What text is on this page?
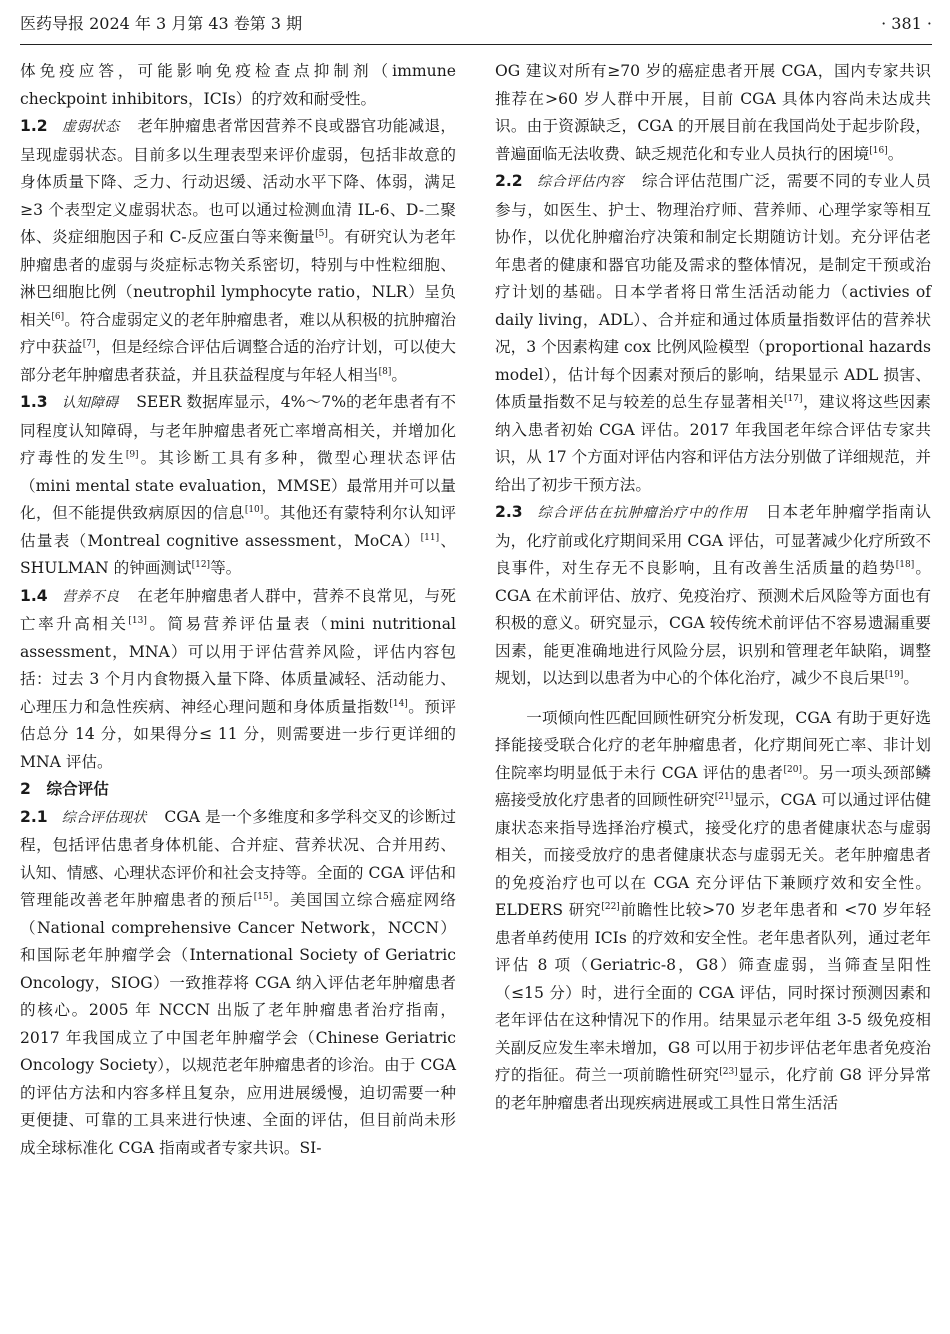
医药导报 2024 年 3 月第 43 卷第 3 期	· 381 ·

体免疫应答，可能影响免疫检查点抑制剂（immune checkpoint inhibitors，ICIs）的疗效和耐受性。

1.2 虚弱状态 老年肿瘤患者常因营养不良或器官功能减退，呈现虚弱状态。目前多以生理表型来评价虚弱，包括非故意的身体质量下降、乏力、行动迟缓、活动水平下降、体弱，满足≥3 个表型定义虚弱状态。也可以通过检测血清 IL-6、D-二聚体、炎症细胞因子和 C-反应蛋白等来衡量[5]。有研究认为老年肿瘤患者的虚弱与炎症标志物关系密切，特别与中性粒细胞、淋巴细胞比例（neutrophil lymphocyte ratio，NLR）呈负相关[6]。符合虚弱定义的老年肿瘤患者，难以从积极的抗肿瘤治疗中获益[7]，但是经综合评估后调整合适的治疗计划，可以使大部分老年肿瘤患者获益，并且获益程度与年轻人相当[8]。

1.3 认知障碍 SEER 数据库显示，4%～7%的老年患者有不同程度认知障碍，与老年肿瘤患者死亡率增高相关，并增加化疗毒性的发生[9]。其诊断工具有多种，微型心理状态评估（mini mental state evaluation，MMSE）最常用并可以量化，但不能提供致病原因的信息[10]。其他还有蒙特利尔认知评估量表（Montreal cognitive assessment，MoCA）[11]、SHULMAN 的钟画测试[12]等。

1.4 营养不良 在老年肿瘤患者人群中，营养不良常见，与死亡率升高相关[13]。简易营养评估量表（mini nutritional assessment，MNA）可以用于评估营养风险，评估内容包括：过去 3 个月内食物摄入量下降、体质量减轻、活动能力、心理压力和急性疾病、神经心理问题和身体质量指数[14]。预评估总分 14 分，如果得分≤ 11 分，则需要进一步行更详细的 MNA 评估。

2　综合评估

2.1 综合评估现状 CGA 是一个多维度和多学科交叉的诊断过程，包括评估患者身体机能、合并症、营养状况、合并用药、认知、情感、心理状态评价和社会支持等。全面的 CGA 评估和管理能改善老年肿瘤患者的预后[15]。美国国立综合癌症网络（National comprehensive Cancer Network，NCCN）和国际老年肿瘤学会（International Society of Geriatric Oncology，SIOG）一致推荐将 CGA 纳入评估老年肿瘤患者的核心。2005 年 NCCN 出版了老年肿瘤患者治疗指南，2017 年我国成立了中国老年肿瘤学会（Chinese Geriatric Oncology Society），以规范老年肿瘤患者的诊治。由于 CGA 的评估方法和内容多样且复杂，应用进展缓慢，迫切需要一种更便捷、可靠的工具来进行快速、全面的评估，但目前尚未形成全球标准化 CGA 指南或者专家共识。SI-

OG 建议对所有≥70 岁的癌症患者开展 CGA，国内专家共识推荐在>60 岁人群中开展，目前 CGA 具体内容尚未达成共识。由于资源缺乏，CGA 的开展目前在我国尚处于起步阶段，普遍面临无法收费、缺乏规范化和专业人员执行的困境[16]。

2.2 综合评估内容 综合评估范围广泛，需要不同的专业人员参与，如医生、护士、物理治疗师、营养师、心理学家等相互协作，以优化肿瘤治疗决策和制定长期随访计划。充分评估老年患者的健康和器官功能及需求的整体情况，是制定干预或治疗计划的基础。日本学者将日常生活活动能力（activies of daily living，ADL）、合并症和通过体质量指数评估的营养状况，3 个因素构建 cox 比例风险模型（proportional hazards model），估计每个因素对预后的影响，结果显示 ADL 损害、体质量指数不足与较差的总生存显著相关[17]，建议将这些因素纳入患者初始 CGA 评估。2017 年我国老年综合评估专家共识，从 17 个方面对评估内容和评估方法分别做了详细规范，并给出了初步干预方法。

2.3 综合评估在抗肿瘤治疗中的作用 日本老年肿瘤学指南认为，化疗前或化疗期间采用 CGA 评估，可显著减少化疗所致不良事件，对生存无不良影响，且有改善生活质量的趋势[18]。CGA 在术前评估、放疗、免疫治疗、预测术后风险等方面也有积极的意义。研究显示，CGA 较传统术前评估不容易遗漏重要因素，能更准确地进行风险分层，识别和管理老年缺陷，调整规划，以达到以患者为中心的个体化治疗，减少不良后果[19]。

一项倾向性匹配回顾性研究分析发现，CGA 有助于更好选择能接受联合化疗的老年肿瘤患者，化疗期间死亡率、非计划住院率均明显低于未行 CGA 评估的患者[20]。另一项头颈部鳞癌接受放化疗患者的回顾性研究[21]显示，CGA 可以通过评估健康状态来指导选择治疗模式，接受化疗的患者健康状态与虚弱相关，而接受放疗的患者健康状态与虚弱无关。老年肿瘤患者的免疫治疗也可以在 CGA 充分评估下兼顾疗效和安全性。ELDERS 研究[22]前瞻性比较>70 岁老年患者和 <70 岁年轻患者单药使用 ICIs 的疗效和安全性。老年患者队列，通过老年评估 8 项（Geriatric-8，G8）筛查虚弱，当筛查呈阳性（≤15 分）时，进行全面的 CGA 评估，同时探讨预测因素和老年评估在这种情况下的作用。结果显示老年组 3-5 级免疫相关副反应发生率未增加，G8 可以用于初步评估老年患者免疫治疗的指征。荷兰一项前瞻性研究[23]显示，化疗前 G8 评分异常的老年肿瘤患者出现疾病进展或工具性日常生活活
